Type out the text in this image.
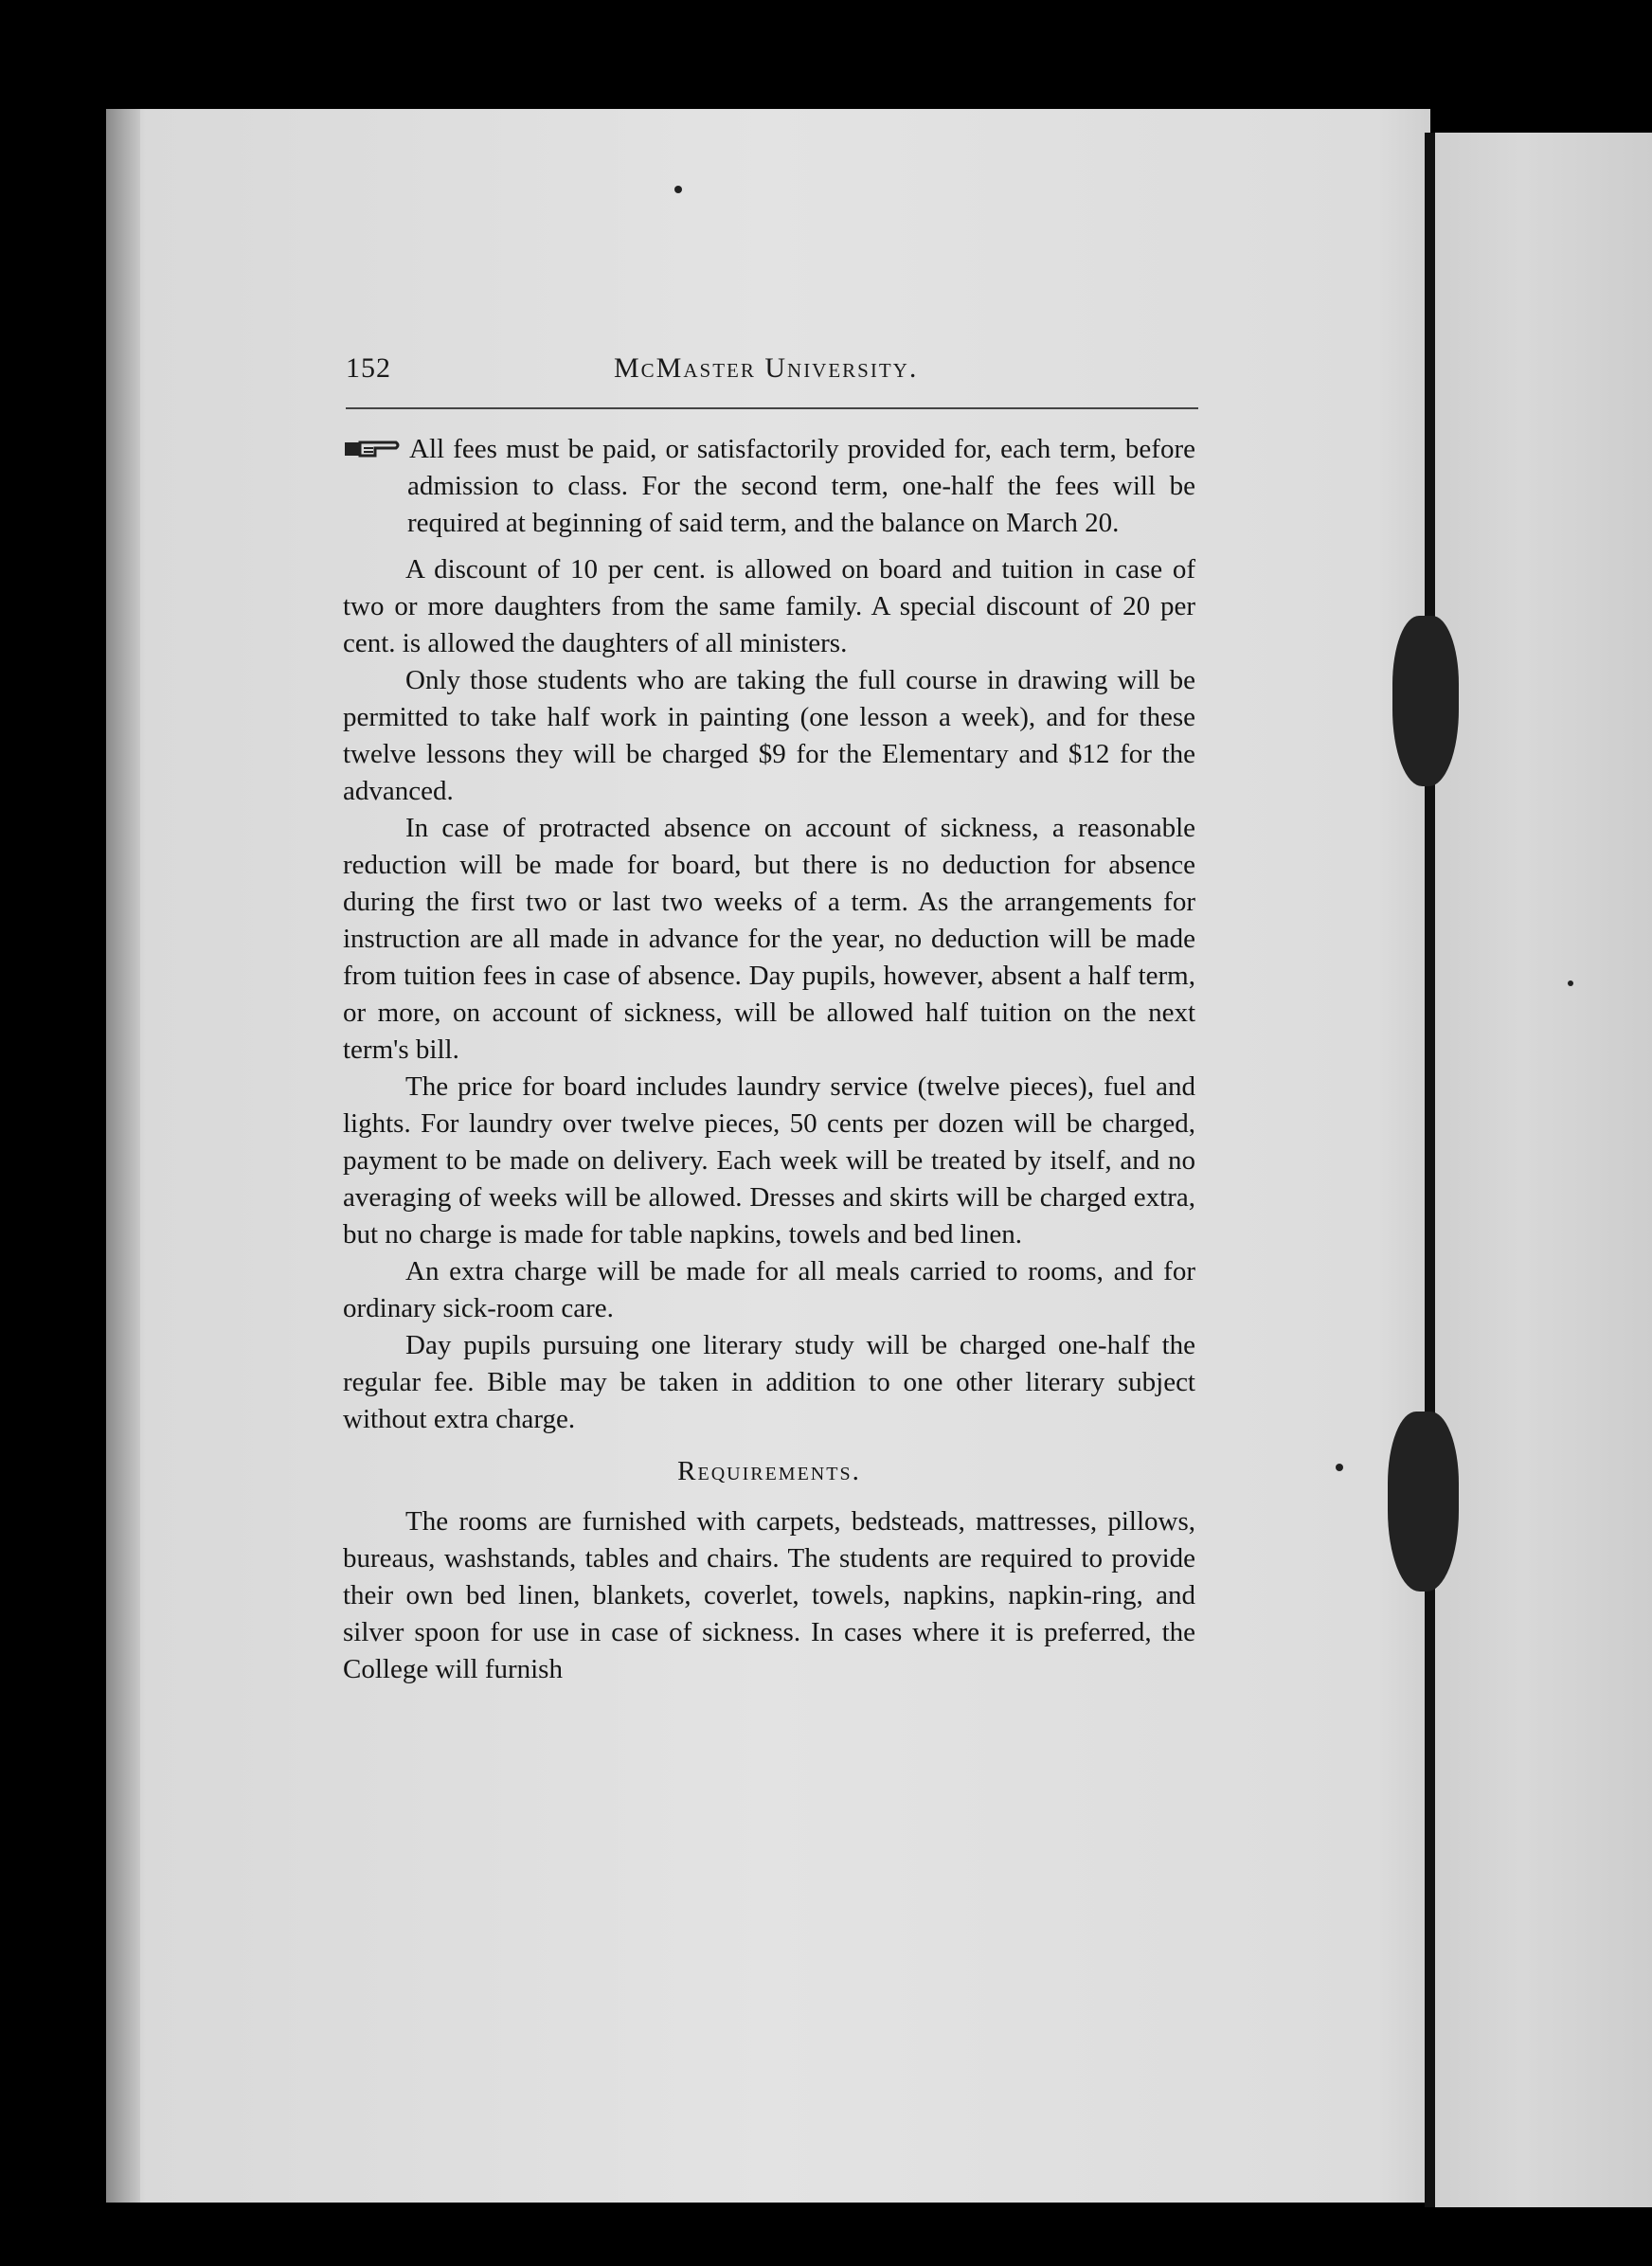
152	McMaster University.

All fees must be paid, or satisfactorily provided for, each term, before admission to class. For the second term, one-half the fees will be required at beginning of said term, and the balance on March 20.

A discount of 10 per cent. is allowed on board and tuition in case of two or more daughters from the same family. A special discount of 20 per cent. is allowed the daughters of all ministers.

Only those students who are taking the full course in drawing will be permitted to take half work in painting (one lesson a week), and for these twelve lessons they will be charged $9 for the Elementary and $12 for the advanced.

In case of protracted absence on account of sickness, a reasonable reduction will be made for board, but there is no deduction for absence during the first two or last two weeks of a term. As the arrangements for instruction are all made in advance for the year, no deduction will be made from tuition fees in case of absence. Day pupils, however, absent a half term, or more, on account of sickness, will be allowed half tuition on the next term's bill.

The price for board includes laundry service (twelve pieces), fuel and lights. For laundry over twelve pieces, 50 cents per dozen will be charged, payment to be made on delivery. Each week will be treated by itself, and no averaging of weeks will be allowed. Dresses and skirts will be charged extra, but no charge is made for table napkins, towels and bed linen.

An extra charge will be made for all meals carried to rooms, and for ordinary sick-room care.

Day pupils pursuing one literary study will be charged one-half the regular fee. Bible may be taken in addition to one other literary subject without extra charge.

Requirements.

The rooms are furnished with carpets, bedsteads, mattresses, pillows, bureaus, washstands, tables and chairs. The students are required to provide their own bed linen, blankets, coverlet, towels, napkins, napkin-ring, and silver spoon for use in case of sickness. In cases where it is preferred, the College will furnish
